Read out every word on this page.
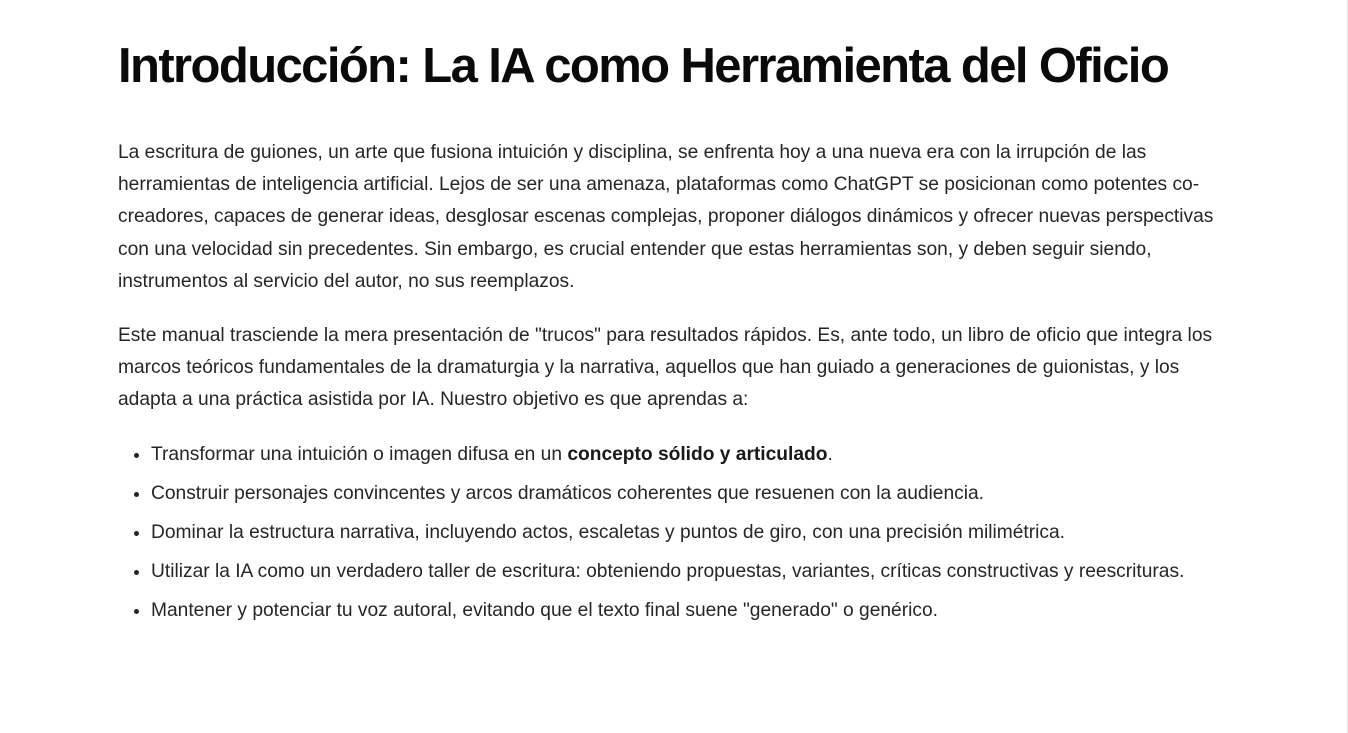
Introducción: La IA como Herramienta del Oficio

La escritura de guiones, un arte que fusiona intuición y disciplina, se enfrenta hoy a una nueva era con la irrupción de las herramientas de inteligencia artificial. Lejos de ser una amenaza, plataformas como ChatGPT se posicionan como potentes co-creadores, capaces de generar ideas, desglosar escenas complejas, proponer diálogos dinámicos y ofrecer nuevas perspectivas con una velocidad sin precedentes. Sin embargo, es crucial entender que estas herramientas son, y deben seguir siendo, instrumentos al servicio del autor, no sus reemplazos.

Este manual trasciende la mera presentación de "trucos" para resultados rápidos. Es, ante todo, un libro de oficio que integra los marcos teóricos fundamentales de la dramaturgia y la narrativa, aquellos que han guiado a generaciones de guionistas, y los adapta a una práctica asistida por IA. Nuestro objetivo es que aprendas a:

• Transformar una intuición o imagen difusa en un concepto sólido y articulado.
• Construir personajes convincentes y arcos dramáticos coherentes que resuenen con la audiencia.
• Dominar la estructura narrativa, incluyendo actos, escaletas y puntos de giro, con una precisión milimétrica.
• Utilizar la IA como un verdadero taller de escritura: obteniendo propuestas, variantes, críticas constructivas y reescrituras.
• Mantener y potenciar tu voz autoral, evitando que el texto final suene "generado" o genérico.
